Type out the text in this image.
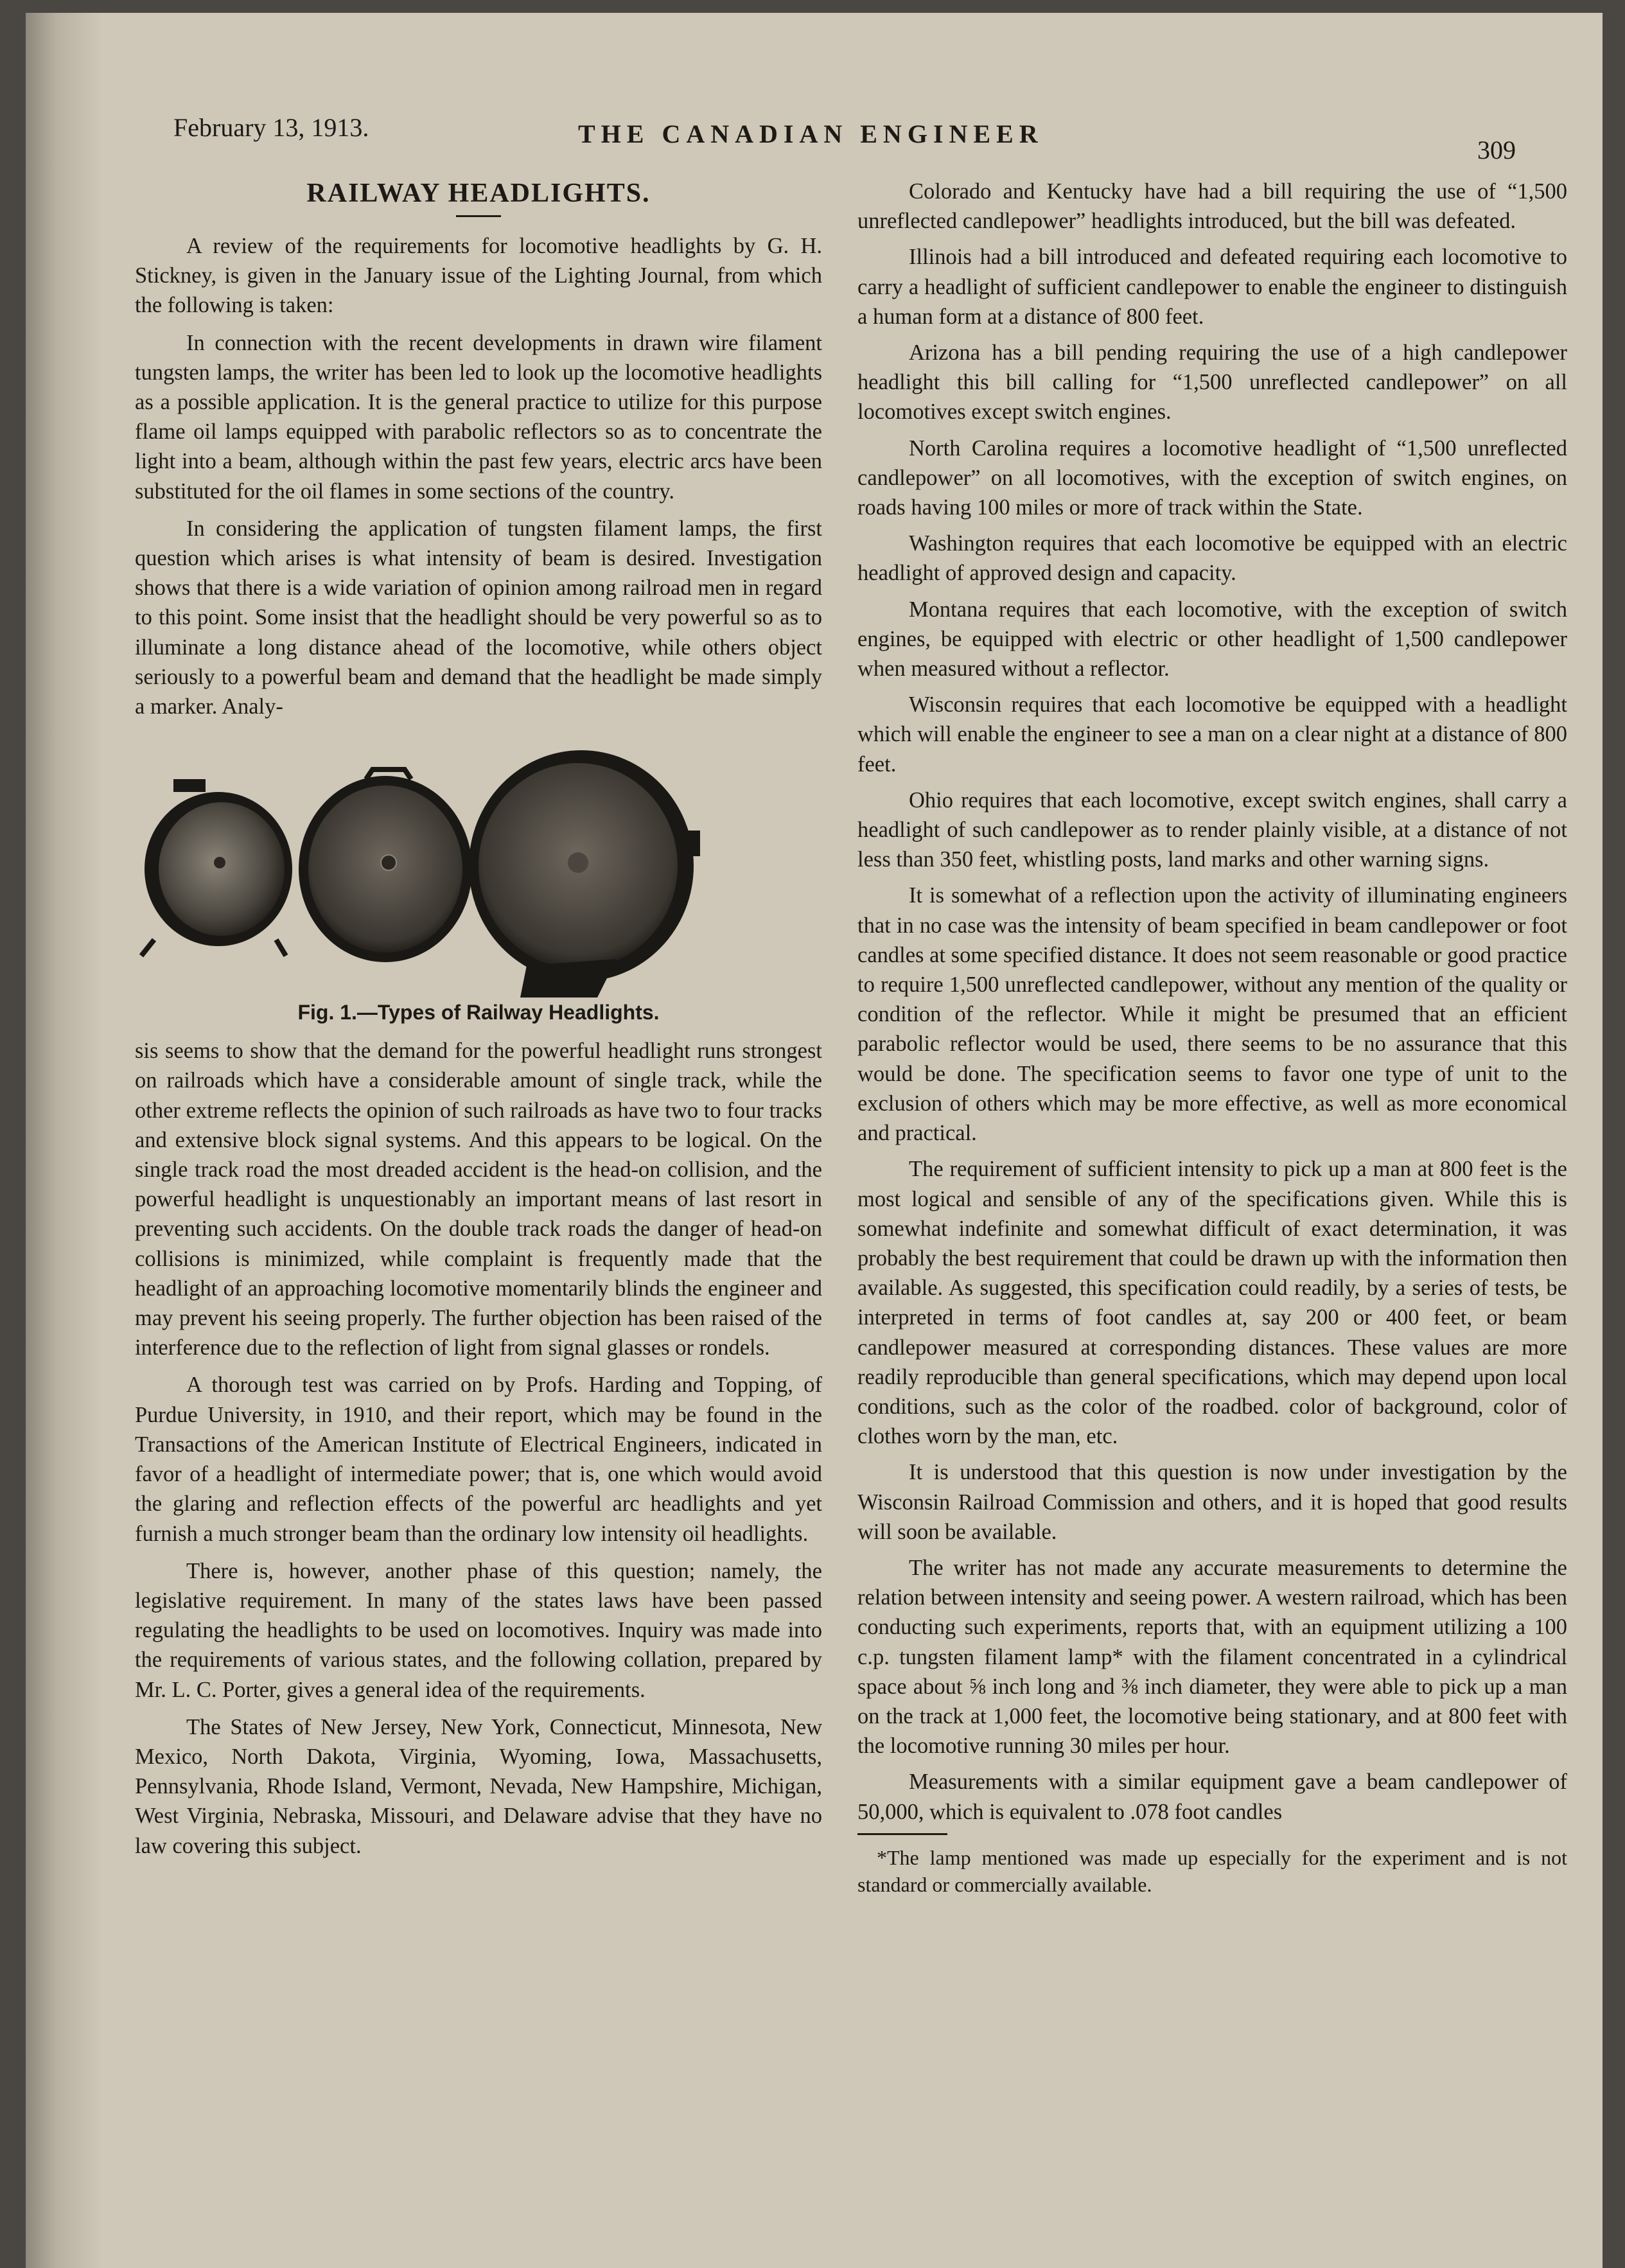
February 13, 1913.	THE CANADIAN ENGINEER
309
RAILWAY HEADLIGHTS.

A review of the requirements for locomotive headlights by G. H. Stickney, is given in the January issue of the Lighting Journal, from which the following is taken:

In connection with the recent developments in drawn wire filament tungsten lamps, the writer has been led to look up the locomotive headlights as a possible application. It is the general practice to utilize for this purpose flame oil lamps equipped with parabolic reflectors so as to concentrate the light into a beam, although within the past few years, electric arcs have been substituted for the oil flames in some sections of the country.

In considering the application of tungsten filament lamps, the first question which arises is what intensity of beam is desired. Investigation shows that there is a wide variation of opinion among railroad men in regard to this point. Some insist that the headlight should be very powerful so as to illuminate a long distance ahead of the locomotive, while others object seriously to a powerful beam and demand that the headlight be made simply a marker. Analy-

Fig. 1.—Types of Railway Headlights.

sis seems to show that the demand for the powerful headlight runs strongest on railroads which have a considerable amount of single track, while the other extreme reflects the opinion of such railroads as have two to four tracks and extensive block signal systems. And this appears to be logical. On the single track road the most dreaded accident is the head-on collision, and the powerful headlight is unquestionably an important means of last resort in preventing such accidents. On the double track roads the danger of head-on collisions is minimized, while complaint is frequently made that the headlight of an approaching locomotive momentarily blinds the engineer and may prevent his seeing properly. The further objection has been raised of the interference due to the reflection of light from signal glasses or rondels.

A thorough test was carried on by Profs. Harding and Topping, of Purdue University, in 1910, and their report, which may be found in the Transactions of the American Institute of Electrical Engineers, indicated in favor of a headlight of intermediate power; that is, one which would avoid the glaring and reflection effects of the powerful arc headlights and yet furnish a much stronger beam than the ordinary low intensity oil headlights.

There is, however, another phase of this question; namely, the legislative requirement. In many of the states laws have been passed regulating the headlights to be used on locomotives. Inquiry was made into the requirements of various states, and the following collation, prepared by Mr. L. C. Porter, gives a general idea of the requirements.

The States of New Jersey, New York, Connecticut, Minnesota, New Mexico, North Dakota, Virginia, Wyoming, Iowa, Massachusetts, Pennsylvania, Rhode Island, Vermont, Nevada, New Hampshire, Michigan, West Virginia, Nebraska, Missouri, and Delaware advise that they have no law covering this subject.

Colorado and Kentucky have had a bill requiring the use of “1,500 unreflected candlepower” headlights introduced, but the bill was defeated.

Illinois had a bill introduced and defeated requiring each locomotive to carry a headlight of sufficient candlepower to enable the engineer to distinguish a human form at a distance of 800 feet.

Arizona has a bill pending requiring the use of a high candlepower headlight this bill calling for “1,500 unreflected candlepower” on all locomotives except switch engines.

North Carolina requires a locomotive headlight of “1,500 unreflected candlepower” on all locomotives, with the exception of switch engines, on roads having 100 miles or more of track within the State.

Washington requires that each locomotive be equipped with an electric headlight of approved design and capacity.

Montana requires that each locomotive, with the exception of switch engines, be equipped with electric or other headlight of 1,500 candlepower when measured without a reflector.

Wisconsin requires that each locomotive be equipped with a headlight which will enable the engineer to see a man on a clear night at a distance of 800 feet.

Ohio requires that each locomotive, except switch engines, shall carry a headlight of such candlepower as to render plainly visible, at a distance of not less than 350 feet, whistling posts, land marks and other warning signs.

It is somewhat of a reflection upon the activity of illuminating engineers that in no case was the intensity of beam specified in beam candlepower or foot candles at some specified distance. It does not seem reasonable or good practice to require 1,500 unreflected candlepower, without any mention of the quality or condition of the reflector. While it might be presumed that an efficient parabolic reflector would be used, there seems to be no assurance that this would be done. The specification seems to favor one type of unit to the exclusion of others which may be more effective, as well as more economical and practical.

The requirement of sufficient intensity to pick up a man at 800 feet is the most logical and sensible of any of the specifications given. While this is somewhat indefinite and somewhat difficult of exact determination, it was probably the best requirement that could be drawn up with the information then available. As suggested, this specification could readily, by a series of tests, be interpreted in terms of foot candles at, say 200 or 400 feet, or beam candlepower measured at corresponding distances. These values are more readily reproducible than general specifications, which may depend upon local conditions, such as the color of the roadbed. color of background, color of clothes worn by the man, etc.

It is understood that this question is now under investigation by the Wisconsin Railroad Commission and others, and it is hoped that good results will soon be available.

The writer has not made any accurate measurements to determine the relation between intensity and seeing power. A western railroad, which has been conducting such experiments, reports that, with an equipment utilizing a 100 c.p. tungsten filament lamp* with the filament concentrated in a cylindrical space about ⅝ inch long and ⅜ inch diameter, they were able to pick up a man on the track at 1,000 feet, the locomotive being stationary, and at 800 feet with the locomotive running 30 miles per hour.

Measurements with a similar equipment gave a beam candlepower of 50,000, which is equivalent to .078 foot candles

*The lamp mentioned was made up especially for the experiment and is not standard or commercially available.
